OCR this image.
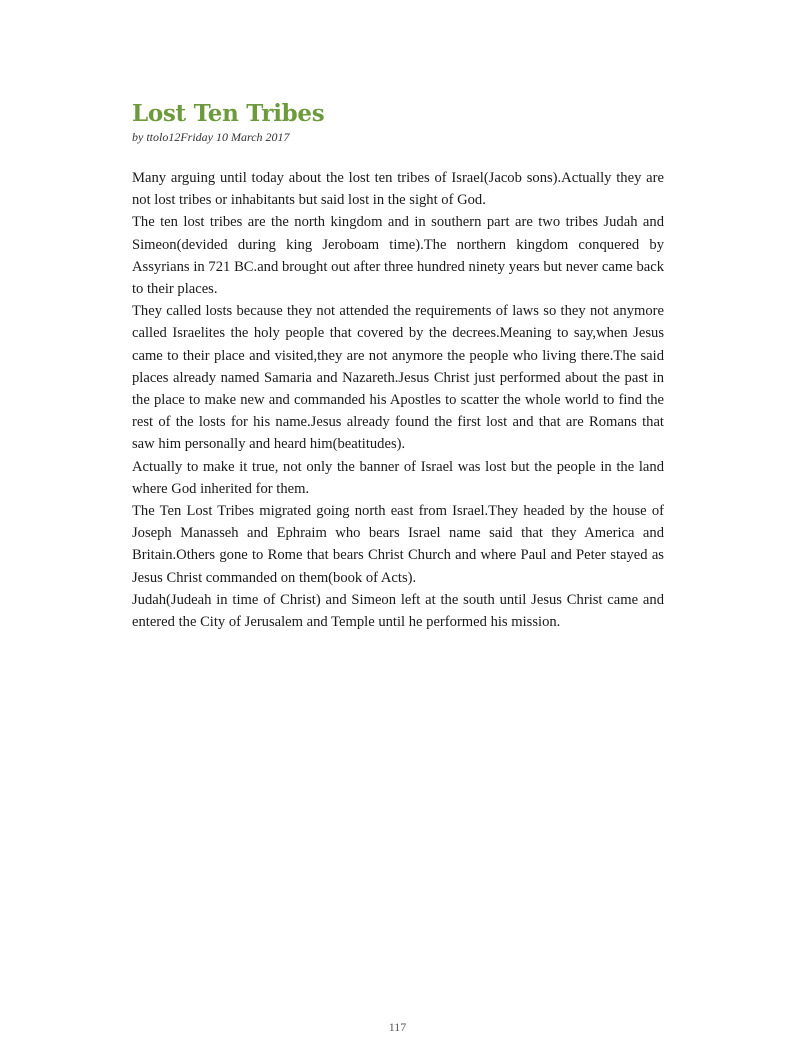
Lost Ten Tribes
by ttolo12Friday 10 March 2017

Many arguing until today about the lost ten tribes of Israel(Jacob sons).Actually they are not lost tribes or inhabitants but said lost in the sight of God.

The ten lost tribes are the north kingdom and in southern part are two tribes Judah and Simeon(devided during king Jeroboam time).The northern kingdom conquered by Assyrians in 721 BC.and brought out after three hundred ninety years but never came back to their places.

They called losts because they not attended the requirements of laws so they not anymore called Israelites the holy people that covered by the decrees.Meaning to say,when Jesus came to their place and visited,they are not anymore the people who living there.The said places already named Samaria and Nazareth.Jesus Christ just performed about the past in the place to make new and commanded his Apostles to scatter the whole world to find the rest of the losts for his name.Jesus already found the first lost and that are Romans that saw him personally and heard him(beatitudes).

Actually to make it true, not only the banner of Israel was lost but the people in the land where God inherited for them.

The Ten Lost Tribes migrated going north east from Israel.They headed by the house of Joseph Manasseh and Ephraim who bears Israel name said that they America and Britain.Others gone to Rome that bears Christ Church and where Paul and Peter stayed as Jesus Christ commanded on them(book of Acts).

Judah(Judeah in time of Christ) and Simeon left at the south until Jesus Christ came and entered the City of Jerusalem and Temple until he performed his mission.

117
